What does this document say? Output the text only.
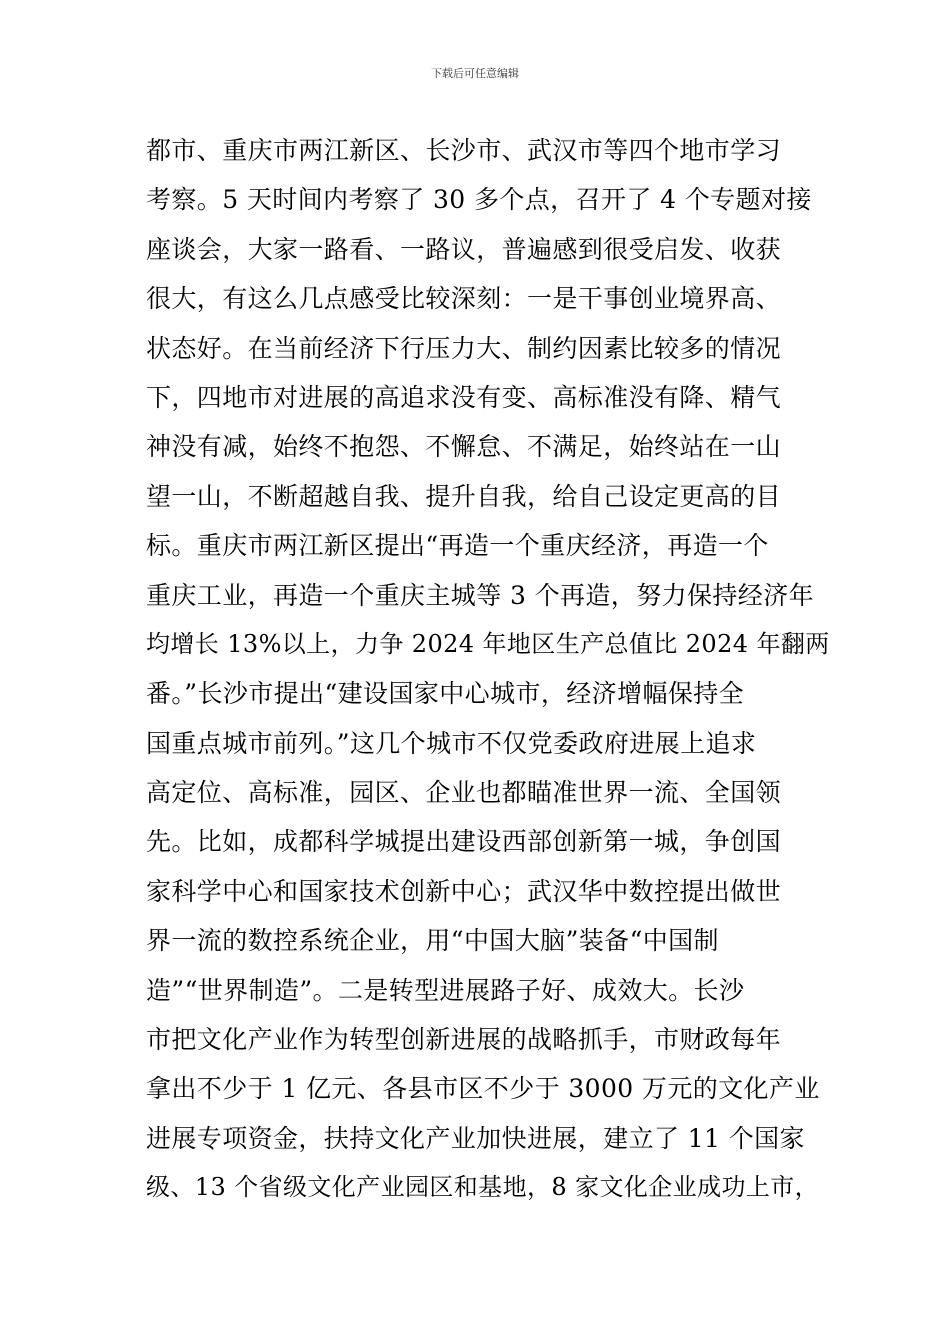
下载后可任意编辑
都市、重庆市两江新区、长沙市、武汉市等四个地市学习
考察。5 天时间内考察了 30 多个点，召开了 4 个专题对接
座谈会，大家一路看、一路议，普遍感到很受启发、收获
很大，有这么几点感受比较深刻：一是干事创业境界高、
状态好。在当前经济下行压力大、制约因素比较多的情况
下，四地市对进展的高追求没有变、高标准没有降、精气
神没有减，始终不抱怨、不懈怠、不满足，始终站在一山
望一山，不断超越自我、提升自我，给自己设定更高的目
标。重庆市两江新区提出“再造一个重庆经济，再造一个
重庆工业，再造一个重庆主城等 3 个再造，努力保持经济年
均增长 13%以上，力争 2024 年地区生产总值比 2024 年翻两
番。”长沙市提出“建设国家中心城市，经济增幅保持全
国重点城市前列。”这几个城市不仅党委政府进展上追求
高定位、高标准，园区、企业也都瞄准世界一流、全国领
先。比如，成都科学城提出建设西部创新第一城，争创国
家科学中心和国家技术创新中心；武汉华中数控提出做世
界一流的数控系统企业，用“中国大脑”装备“中国制
造”“世界制造”。二是转型进展路子好、成效大。长沙
市把文化产业作为转型创新进展的战略抓手，市财政每年
拿出不少于 1 亿元、各县市区不少于 3000 万元的文化产业
进展专项资金，扶持文化产业加快进展，建立了 11 个国家
级、13 个省级文化产业园区和基地，8 家文化企业成功上市，
